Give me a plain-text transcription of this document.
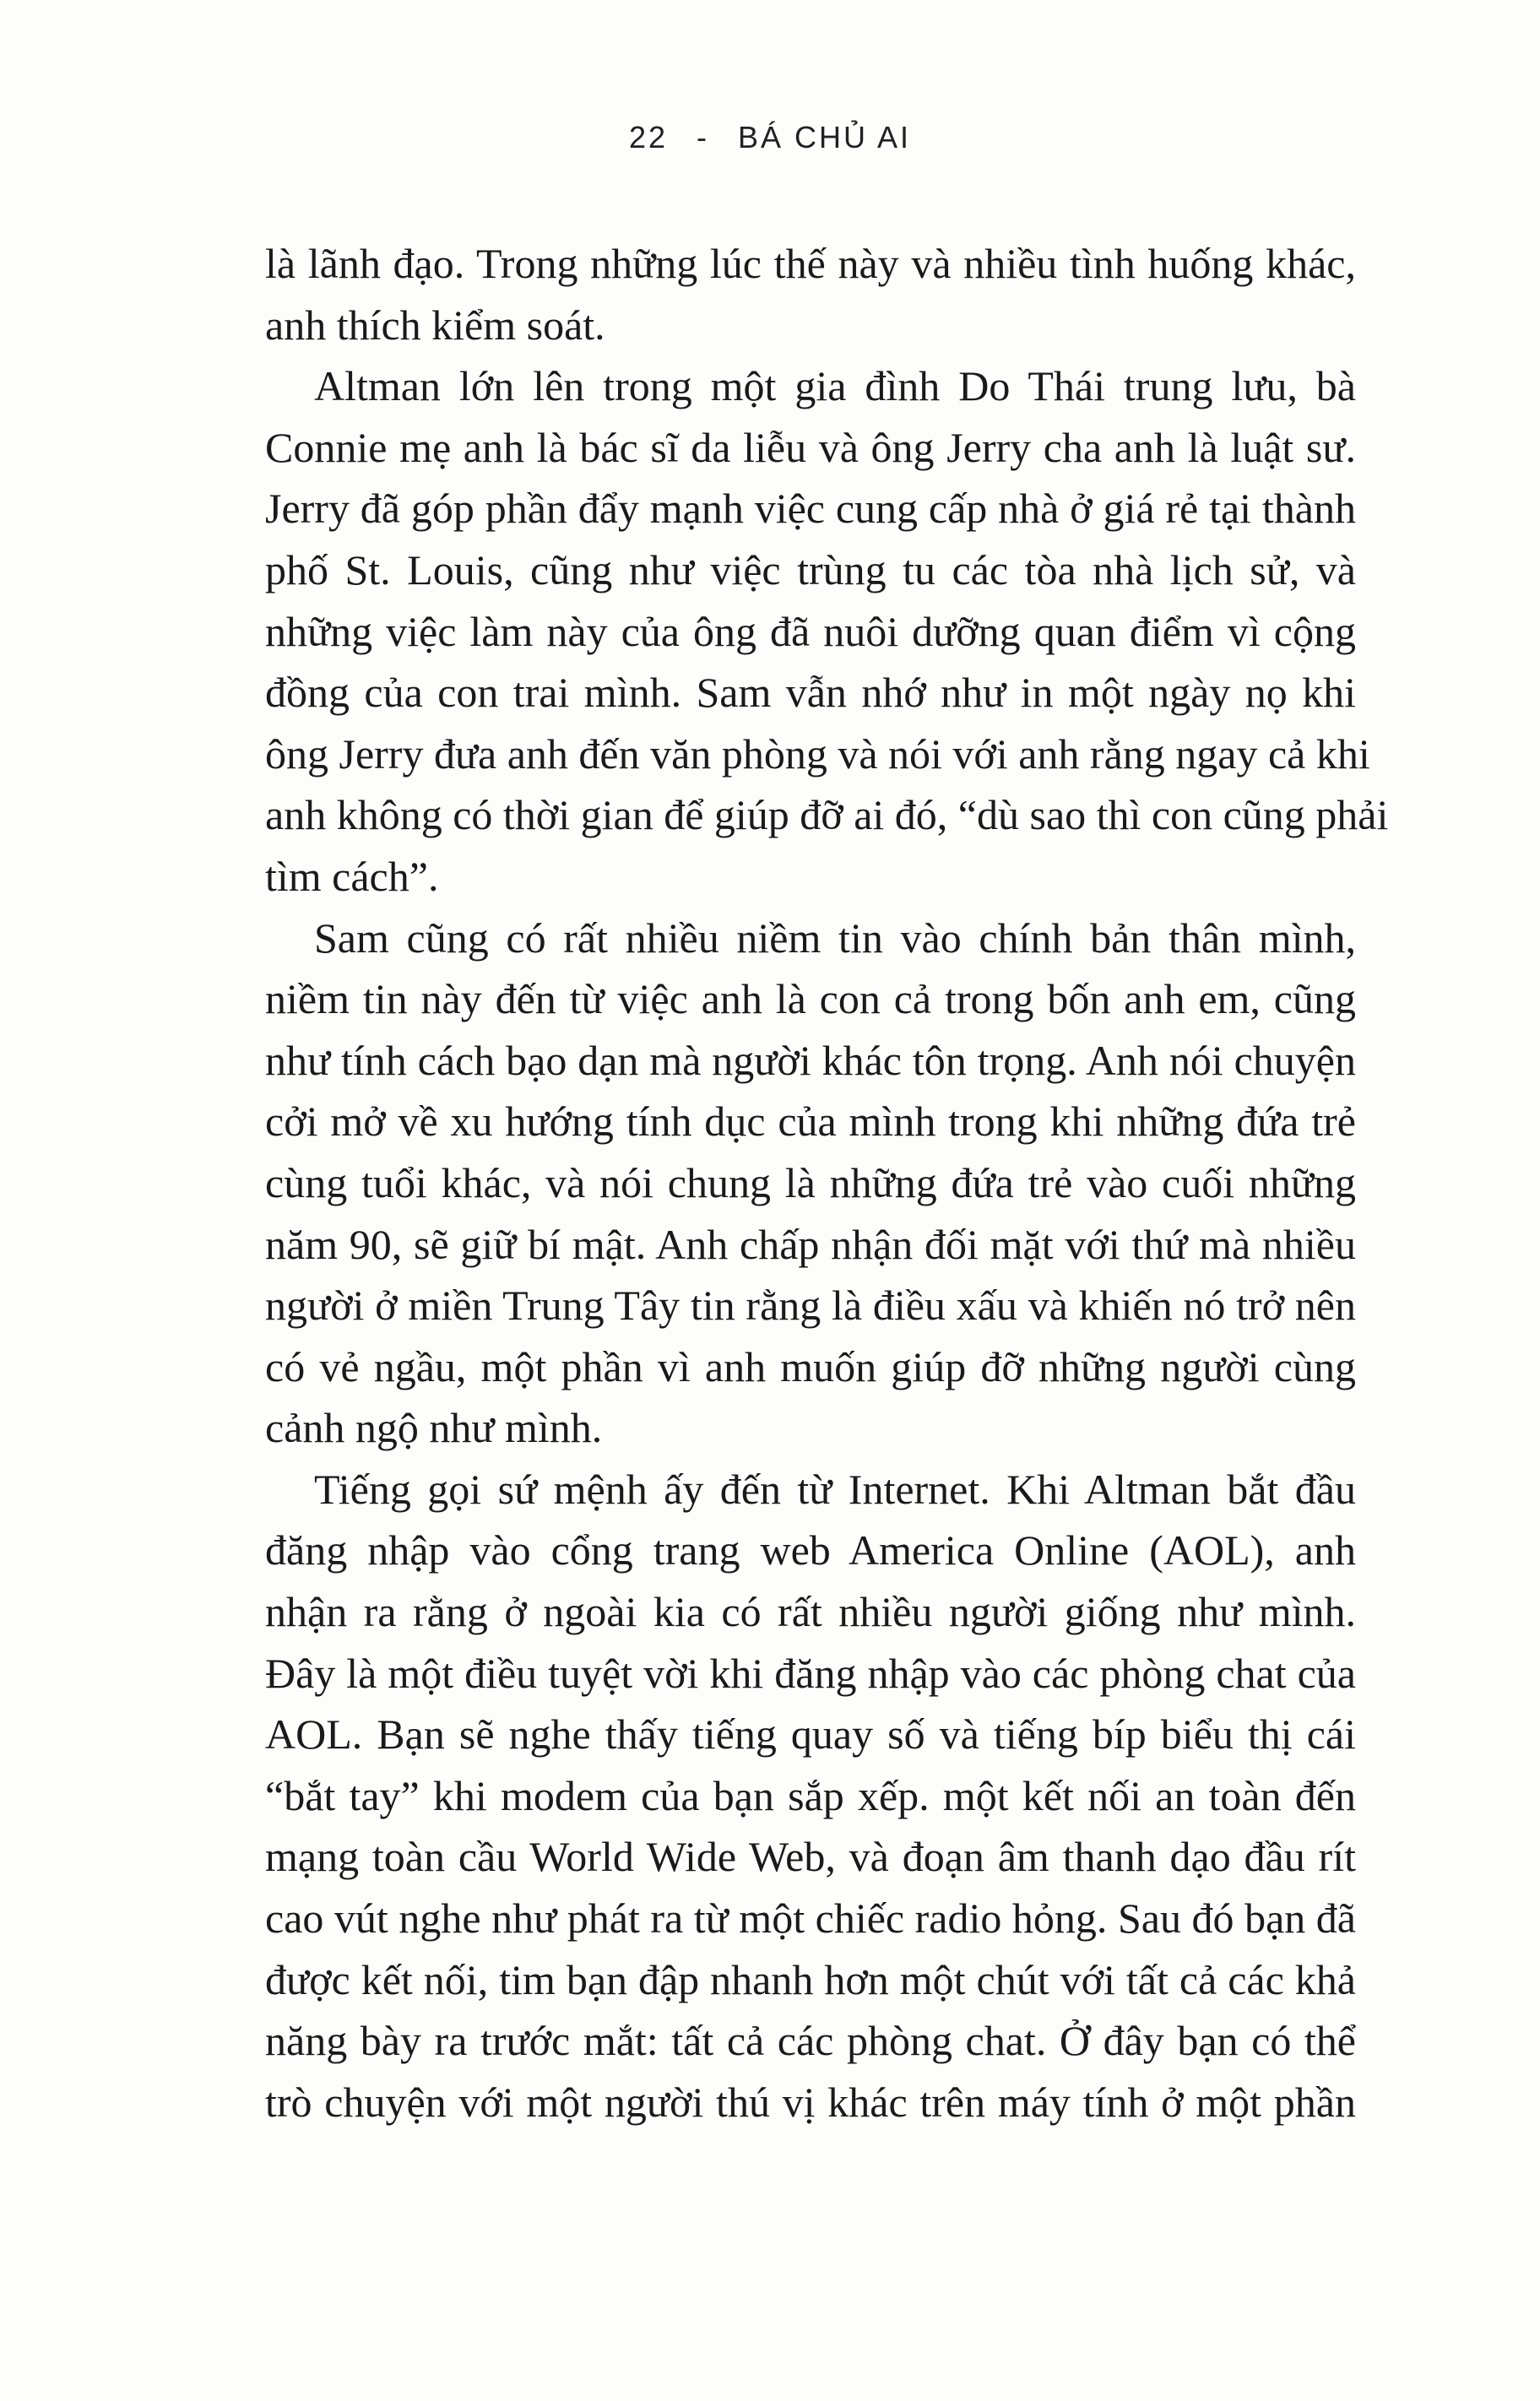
22 - BÁ CHỦ AI
là lãnh đạo. Trong những lúc thế này và nhiều tình huống khác,
anh thích kiểm soát.
Altman lớn lên trong một gia đình Do Thái trung lưu, bà
Connie mẹ anh là bác sĩ da liễu và ông Jerry cha anh là luật sư.
Jerry đã góp phần đẩy mạnh việc cung cấp nhà ở giá rẻ tại thành
phố St. Louis, cũng như việc trùng tu các tòa nhà lịch sử, và
những việc làm này của ông đã nuôi dưỡng quan điểm vì cộng
đồng của con trai mình. Sam vẫn nhớ như in một ngày nọ khi
ông Jerry đưa anh đến văn phòng và nói với anh rằng ngay cả khi
anh không có thời gian để giúp đỡ ai đó, “dù sao thì con cũng phải
tìm cách”.
Sam cũng có rất nhiều niềm tin vào chính bản thân mình,
niềm tin này đến từ việc anh là con cả trong bốn anh em, cũng
như tính cách bạo dạn mà người khác tôn trọng. Anh nói chuyện
cởi mở về xu hướng tính dục của mình trong khi những đứa trẻ
cùng tuổi khác, và nói chung là những đứa trẻ vào cuối những
năm 90, sẽ giữ bí mật. Anh chấp nhận đối mặt với thứ mà nhiều
người ở miền Trung Tây tin rằng là điều xấu và khiến nó trở nên
có vẻ ngầu, một phần vì anh muốn giúp đỡ những người cùng
cảnh ngộ như mình.
Tiếng gọi sứ mệnh ấy đến từ Internet. Khi Altman bắt đầu
đăng nhập vào cổng trang web America Online (AOL), anh
nhận ra rằng ở ngoài kia có rất nhiều người giống như mình.
Đây là một điều tuyệt vời khi đăng nhập vào các phòng chat của
AOL. Bạn sẽ nghe thấy tiếng quay số và tiếng bíp biểu thị cái
“bắt tay” khi modem của bạn sắp xếp. một kết nối an toàn đến
mạng toàn cầu World Wide Web, và đoạn âm thanh dạo đầu rít
cao vút nghe như phát ra từ một chiếc radio hỏng. Sau đó bạn đã
được kết nối, tim bạn đập nhanh hơn một chút với tất cả các khả
năng bày ra trước mắt: tất cả các phòng chat. Ở đây bạn có thể
trò chuyện với một người thú vị khác trên máy tính ở một phần
